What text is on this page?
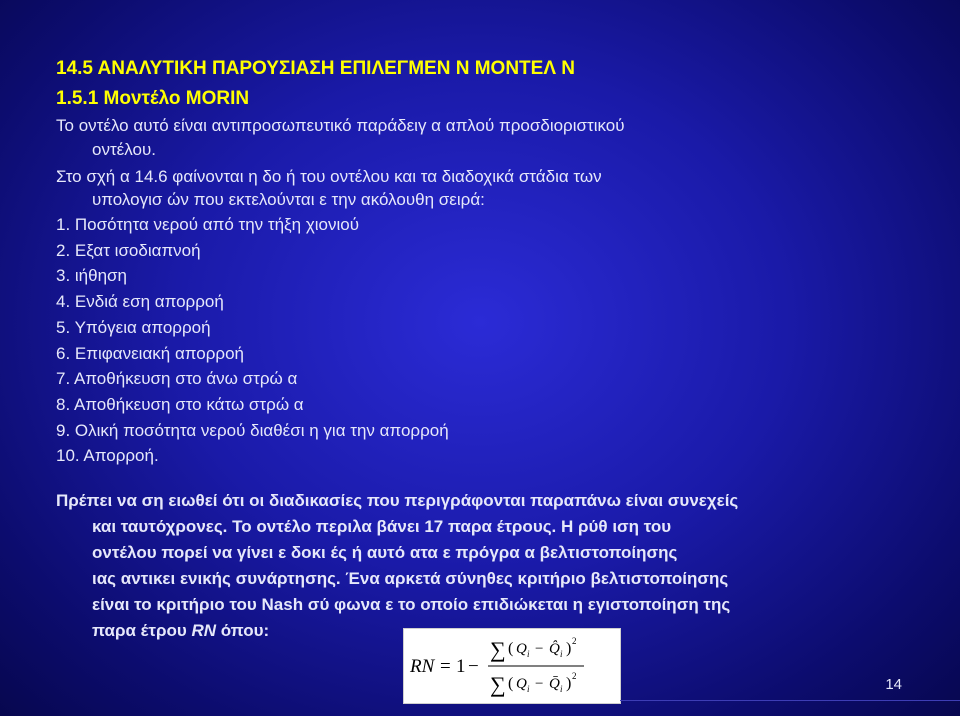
14.5 ΑΝΑΛΥΤΙΚΗ ΠΑΡΟΥΣΙΑΣΗ ΕΠΙΛΕΓΜΕΝ Ν ΜΟΝΤΕΛ Ν
1.5.1 Μοντέλο MORIN
Το οντέλο αυτό είναι αντιπροσωπευτικό παράδειγ α απλού προσδιοριστικού
οντέλου.
Στο σχή α 14.6 φαίνονται η δο ή του οντέλου και τα διαδοχικά στάδια των
υπολογισ ών που εκτελούνται ε την ακόλουθη σειρά:
1. Ποσότητα νερού από την τήξη χιονιού
2. Εξατ ισοδιαπνοή
3. ιήθηση
4. Ενδιά εση απορροή
5. Υπόγεια απορροή
6. Επιφανειακή απορροή
7. Αποθήκευση στο άνω στρώ α
8. Αποθήκευση στο κάτω στρώ α
9. Ολική ποσότητα νερού διαθέσι η για την απορροή
10. Απορροή.
Πρέπει να ση ειωθεί ότι οι διαδικασίες που περιγράφονται παραπάνω είναι συνεχείς
και ταυτόχρονες. Το οντέλο περιλα βάνει 17 παρα έτρους. Η ρύθ ιση του
οντέλου πορεί να γίνει ε δοκι ές ή αυτό ατα ε πρόγρα α βελτιστοποίησης
ιας αντικει ενικής συνάρτησης. Ένα αρκετά σύνηθες κριτήριο βελτιστοποίησης
είναι το κριτήριο του Nash σύ φωνα ε το οποίο επιδιώκεται η εγιστοποίηση της
παρα έτρου RN όπου:
RN = 1 −
∑ ( Q i − Q̂ i ) 2
∑ ( Q i − Q̄ i ) 2	14
